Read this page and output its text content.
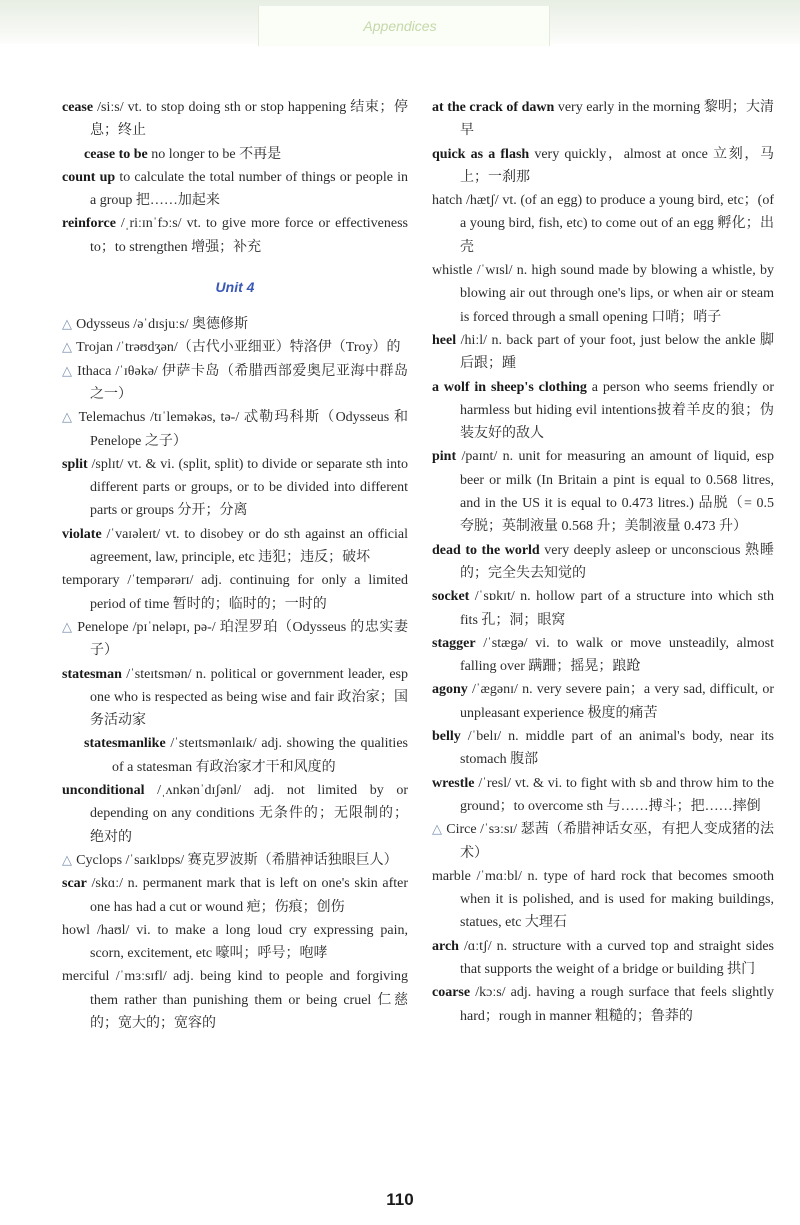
Appendices

cease /siːs/ vt. to stop doing sth or stop happening 结束；停息；终止

cease to be no longer to be 不再是

count up to calculate the total number of things or people in a group 把……加起来

reinforce /ˌriːɪnˈfɔːs/ vt. to give more force or effectiveness to；to strengthen 增强；补充

Unit 4

△ Odysseus /əˈdɪsjuːs/ 奥德修斯

△ Trojan /ˈtrəʊdʒən/（古代小亚细亚）特洛伊（Troy）的

△ Ithaca /ˈɪθəkə/ 伊萨卡岛（希腊西部爱奥尼亚海中群岛之一）

△ Telemachus /tɪˈleməkəs, tə-/ 忒勒玛科斯（Odysseus 和 Penelope 之子）

split /splɪt/ vt. & vi. (split, split) to divide or separate sth into different parts or groups, or to be divided into different parts or groups 分开；分离

violate /ˈvaɪəleɪt/ vt. to disobey or do sth against an official agreement, law, principle, etc 违犯；违反；破坏

temporary /ˈtempərərɪ/ adj. continuing for only a limited period of time 暂时的；临时的；一时的

△ Penelope /pɪˈneləpɪ, pə-/ 珀涅罗珀（Odysseus 的忠实妻子）

statesman /ˈsteɪtsmən/ n. political or government leader, esp one who is respected as being wise and fair 政治家；国务活动家

statesmanlike /ˈsteɪtsmənlaɪk/ adj. showing the qualities of a statesman 有政治家才干和风度的

unconditional /ˌʌnkənˈdɪʃənl/ adj. not limited by or depending on any conditions 无条件的；无限制的；绝对的

△ Cyclops /ˈsaɪklɒps/ 赛克罗波斯（希腊神话独眼巨人）

scar /skɑː/ n. permanent mark that is left on one's skin after one has had a cut or wound 疤；伤痕；创伤

howl /haʊl/ vi. to make a long loud cry expressing pain, scorn, excitement, etc 嚎叫；呼号；咆哮

merciful /ˈmɜːsɪfl/ adj. being kind to people and forgiving them rather than punishing them or being cruel 仁慈的；宽大的；宽容的

at the crack of dawn very early in the morning 黎明；大清早

quick as a flash very quickly，almost at once 立刻，马上；一刹那

hatch /hætʃ/ vt. (of an egg) to produce a young bird, etc；(of a young bird, fish, etc) to come out of an egg 孵化；出壳

whistle /ˈwɪsl/ n. high sound made by blowing a whistle, by blowing air out through one's lips, or when air or steam is forced through a small opening 口哨；哨子

heel /hiːl/ n. back part of your foot, just below the ankle 脚后跟；踵

a wolf in sheep's clothing a person who seems friendly or harmless but hiding evil intentions披着羊皮的狼；伪装友好的敌人

pint /paɪnt/ n. unit for measuring an amount of liquid, esp beer or milk (In Britain a pint is equal to 0.568 litres, and in the US it is equal to 0.473 litres.) 品脱（= 0.5 夸脱；英制液量 0.568 升；美制液量 0.473 升）

dead to the world very deeply asleep or unconscious 熟睡的；完全失去知觉的

socket /ˈsɒkɪt/ n. hollow part of a structure into which sth fits 孔；洞；眼窝

stagger /ˈstægə/ vi. to walk or move unsteadily, almost falling over 蹒跚；摇晃；踉跄

agony /ˈægənɪ/ n. very severe pain；a very sad, difficult, or unpleasant experience 极度的痛苦

belly /ˈbelɪ/ n. middle part of an animal's body, near its stomach 腹部

wrestle /ˈresl/ vt. & vi. to fight with sb and throw him to the ground；to overcome sth 与……搏斗；把……摔倒

△ Circe /ˈsɜːsɪ/ 瑟茜（希腊神话女巫，有把人变成猪的法术）

marble /ˈmɑːbl/ n. type of hard rock that becomes smooth when it is polished, and is used for making buildings, statues, etc 大理石

arch /ɑːtʃ/ n. structure with a curved top and straight sides that supports the weight of a bridge or building 拱门

coarse /kɔːs/ adj. having a rough surface that feels slightly hard；rough in manner 粗糙的；鲁莽的

110
